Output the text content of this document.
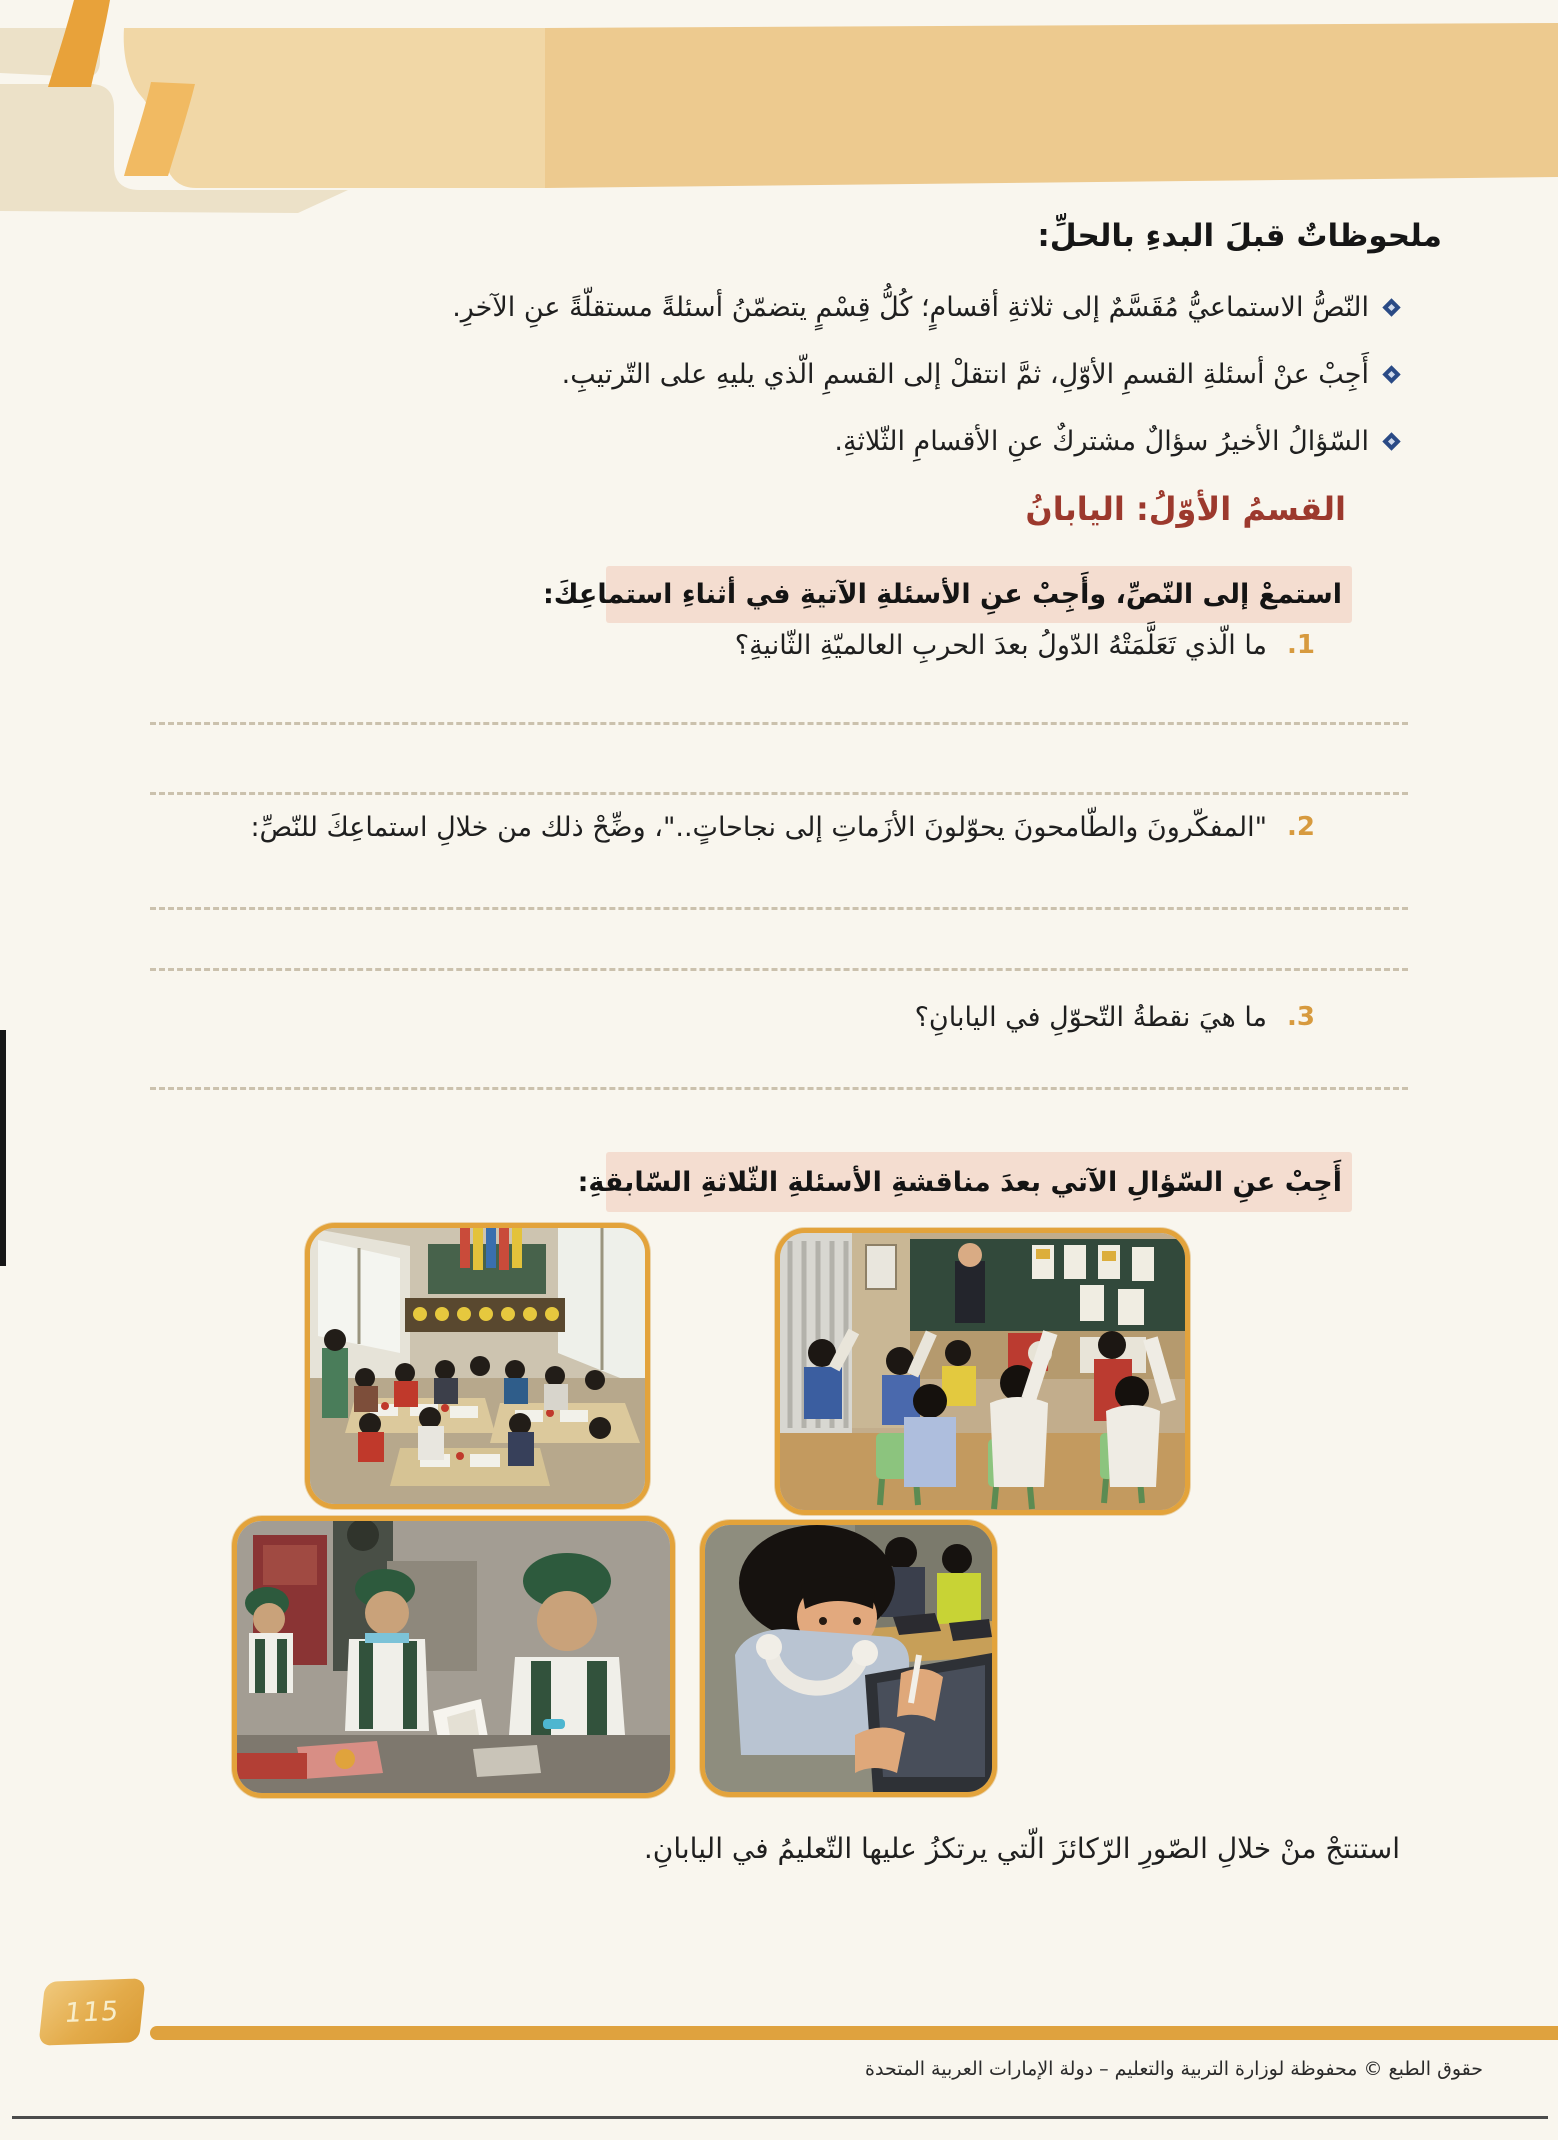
ملحوظاتٌ قبلَ البدءِ بالحلِّ:
النّصُّ الاستماعيُّ مُقَسَّمٌ إلى ثلاثةِ أقسامٍ؛ كُلُّ قِسْمٍ يتضمّنُ أسئلةً مستقلّةً عنِ الآخرِ.
أَجِبْ عنْ أسئلةِ القسمِ الأوّلِ، ثمَّ انتقلْ إلى القسمِ الّذي يليهِ على التّرتيبِ.
السّؤالُ الأخيرُ سؤالٌ مشتركٌ عنِ الأقسامِ الثّلاثةِ.
القسمُ الأوّلُ: اليابانُ
استمعْ إلى النّصِّ، وأَجِبْ عنِ الأسئلةِ الآتيةِ في أثناءِ استماعِكَ:
1.
ما الّذي تَعَلَّمَتْهُ الدّولُ بعدَ الحربِ العالميّةِ الثّانيةِ؟
2.
"المفكّرونَ والطّامحونَ يحوّلونَ الأزَماتِ إلى نجاحاتٍ.."، وضِّحْ ذلك من خلالِ استماعِكَ للنّصِّ:
3.
ما هيَ نقطةُ التّحوّلِ في اليابانِ؟
أَجِبْ عنِ السّؤالِ الآتي بعدَ مناقشةِ الأسئلةِ الثّلاثةِ السّابقةِ:
استنتجْ منْ خلالِ الصّورِ الرّكائزَ الّتي يرتكزُ عليها التّعليمُ في اليابانِ.
115
حقوق الطبع © محفوظة لوزارة التربية والتعليم – دولة الإمارات العربية المتحدة
